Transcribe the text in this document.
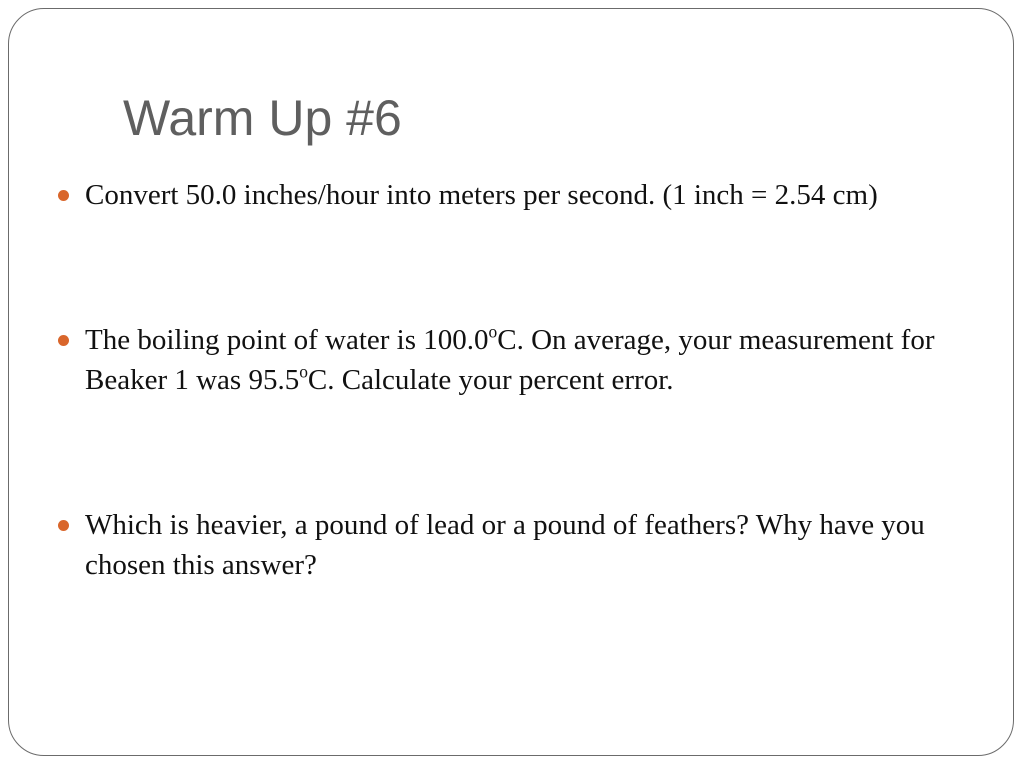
Warm Up #6
Convert 50.0 inches/hour into meters per second. (1 inch = 2.54 cm)
The boiling point of water is 100.0$^o$C. On average, your measurement for Beaker 1 was 95.5$^o$C. Calculate your percent error.
Which is heavier, a pound of lead or a pound of feathers? Why have you chosen this answer?
